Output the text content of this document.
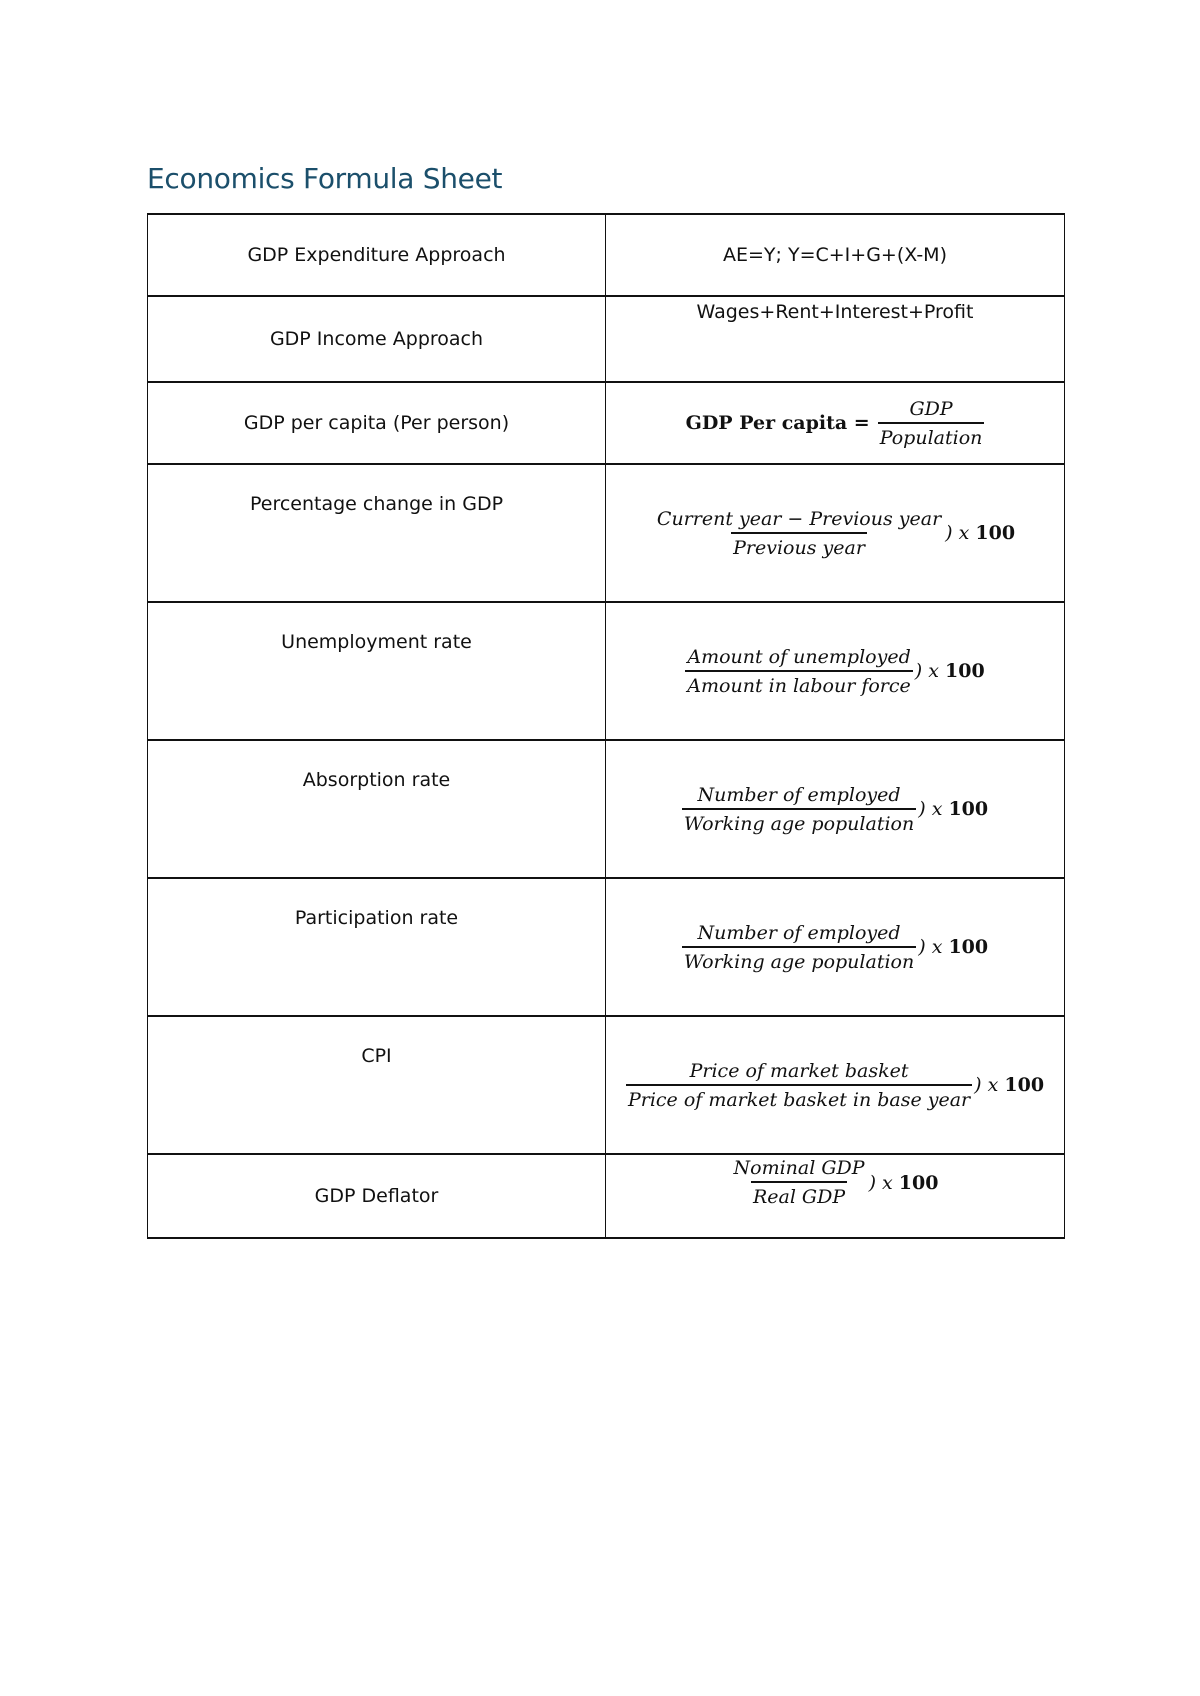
Economics Formula Sheet
GDP Expenditure Approach	AE=Y; Y=C+I+G+(X-M)
GDP Income Approach	Wages+Rent+Interest+Profit
GDP per capita (Per person)	GDP Per capita = $\frac{\text{GDP}}{\text{Population}}$

Percentage change in GDP	$\frac{\text{Current year − Previous year}}{\text{Previous year}}$ ) x 100

Unemployment rate	$\frac{\text{Amount of unemployed}}{\text{Amount in labour force}}$ ) x 100

Absorption rate	$\frac{\text{Number of employed}}{\text{Working age population}}$ ) x 100

Participation rate	$\frac{\text{Number of employed}}{\text{Working age population}}$ ) x 100

CPI	$\frac{\text{Price of market basket}}{\text{Price of market basket in base year}}$ ) x 100

GDP Deflator	$\frac{\text{Nominal GDP}}{\text{Real GDP}}$ ) x 100
